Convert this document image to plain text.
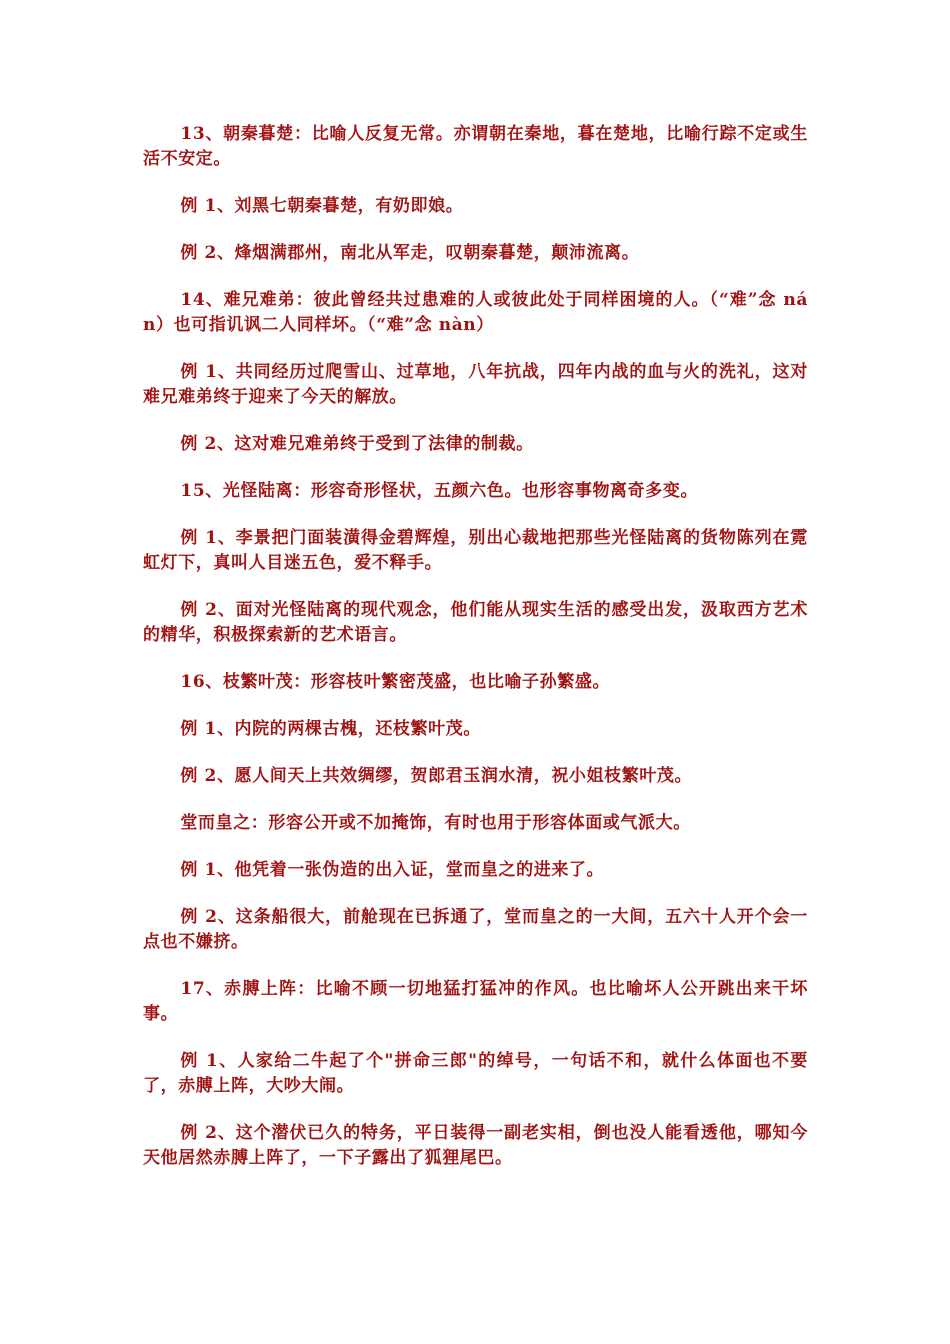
13、朝秦暮楚：比喻人反复无常。亦谓朝在秦地，暮在楚地，比喻行踪不定或生活不安定。

例 1、刘黑七朝秦暮楚，有奶即娘。

例 2、烽烟满郡州，南北从军走，叹朝秦暮楚，颠沛流离。

14、难兄难弟：彼此曾经共过患难的人或彼此处于同样困境的人。（“难”念 nán）也可指讥讽二人同样坏。（“难”念 nàn）

例 1、共同经历过爬雪山、过草地，八年抗战，四年内战的血与火的洗礼，这对难兄难弟终于迎来了今天的解放。

例 2、这对难兄难弟终于受到了法律的制裁。

15、光怪陆离：形容奇形怪状，五颜六色。也形容事物离奇多变。

例 1、李景把门面装潢得金碧辉煌，别出心裁地把那些光怪陆离的货物陈列在霓虹灯下，真叫人目迷五色，爱不释手。

例 2、面对光怪陆离的现代观念，他们能从现实生活的感受出发，汲取西方艺术的精华，积极探索新的艺术语言。

16、枝繁叶茂：形容枝叶繁密茂盛，也比喻子孙繁盛。

例 1、内院的两棵古槐，还枝繁叶茂。

例 2、愿人间天上共效绸缪，贺郎君玉润水清，祝小姐枝繁叶茂。

堂而皇之：形容公开或不加掩饰，有时也用于形容体面或气派大。

例 1、他凭着一张伪造的出入证，堂而皇之的进来了。

例 2、这条船很大，前舱现在已拆通了，堂而皇之的一大间，五六十人开个会一点也不嫌挤。

17、赤膊上阵：比喻不顾一切地猛打猛冲的作风。也比喻坏人公开跳出来干坏事。

例 1、人家给二牛起了个"拼命三郎"的绰号，一句话不和，就什么体面也不要了，赤膊上阵，大吵大闹。

例 2、这个潜伏已久的特务，平日装得一副老实相，倒也没人能看透他，哪知今天他居然赤膊上阵了，一下子露出了狐狸尾巴。
